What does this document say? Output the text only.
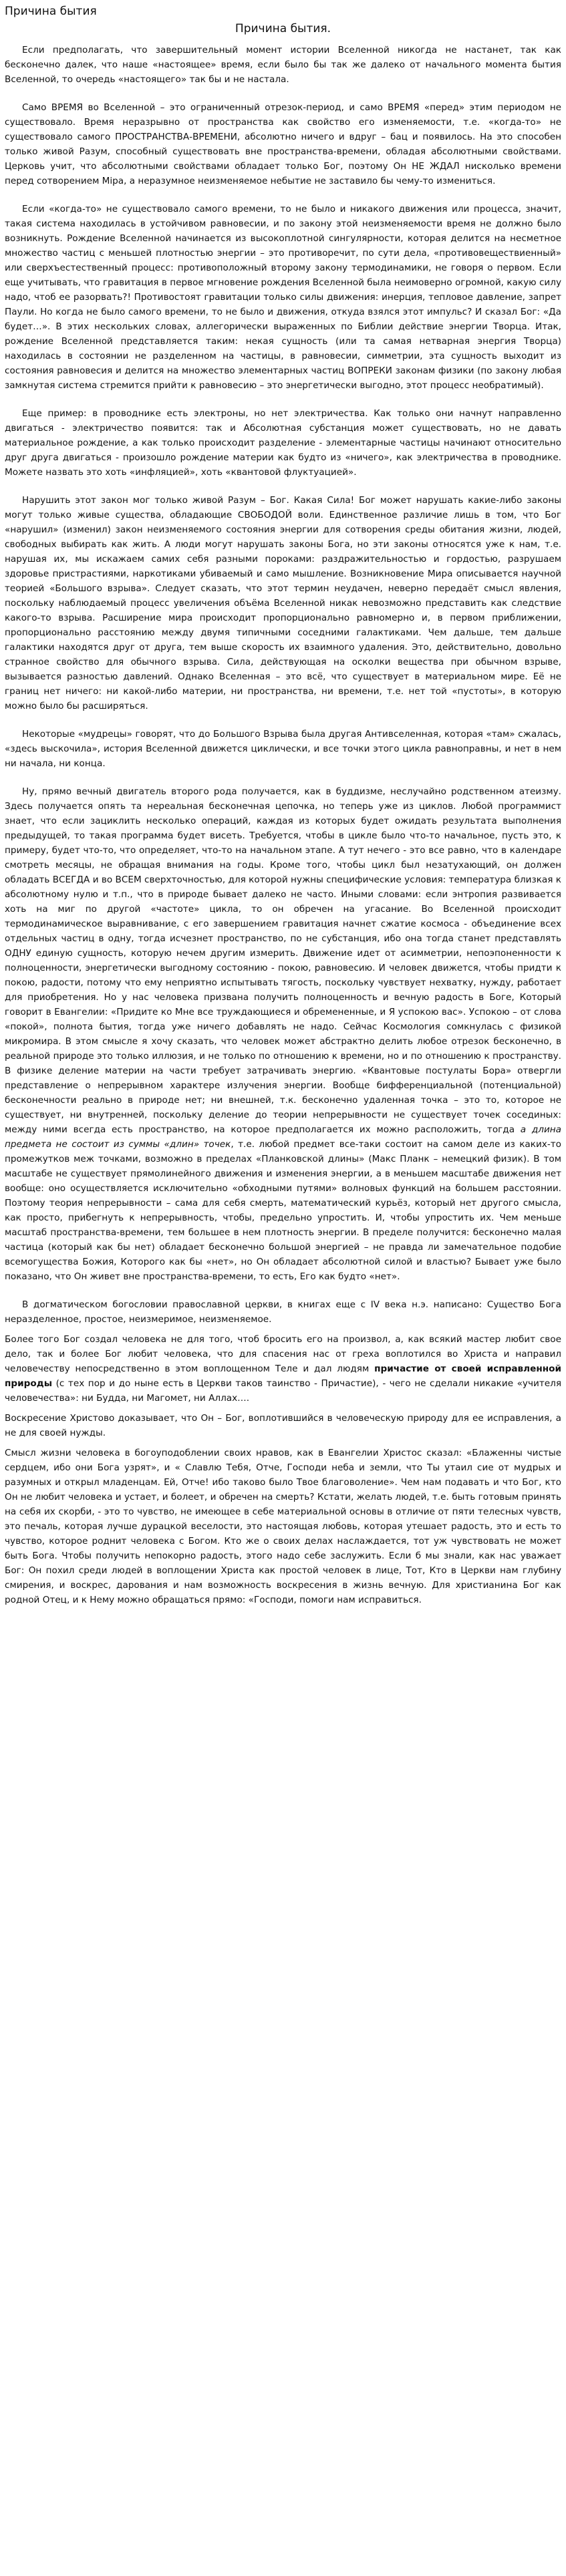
Причина бытия
Причина бытия.

Если предполагать, что завершительный момент истории Вселенной никогда не настанет, так как бесконечно далек, что наше «настоящее» время, если было бы так же далеко от начального момента бытия Вселенной, то очередь «настоящего» так бы и не настала.

Само ВРЕМЯ во Вселенной – это ограниченный отрезок-период, и само ВРЕМЯ «перед» этим периодом не существовало. Время неразрывно от пространства как свойство его изменяемости, т.е. «когда-то» не существовало самого ПРОСТРАНСТВА-ВРЕМЕНИ, абсолютно ничего и вдруг – бац и появилось. На это способен только живой Разум, способный существовать вне пространства-времени, обладая абсолютными свойствами. Церковь учит, что абсолютными свойствами обладает только Бог, поэтому Он НЕ ЖДАЛ нисколько времени перед сотворением Міра, а неразумное неизменяемое небытие не заставило бы чему-то измениться.

Если «когда-то» не существовало самого времени, то не было и никакого движения или процесса, значит, такая система находилась в устойчивом равновесии, и по закону этой неизменяемости время не должно было возникнуть. Рождение Вселенной начинается из высокоплотной сингулярности, которая делится на несметное множество частиц с меньшей плотностью энергии – это противоречит, по сути дела, «противовеществиенный» или сверхъестественный процесс: противоположный второму закону термодинамики, не говоря о первом. Если еще учитывать, что гравитация в первое мгновение рождения Вселенной была неимоверно огромной, какую силу надо, чтоб ее разорвать?! Противостоят гравитации только силы движения: инерция, тепловое давление, запрет Паули. Но когда не было самого времени, то не было и движения, откуда взялся этот импульс? И сказал Бог: «Да будет…». В этих нескольких словах, аллегорически выраженных по Библии действие энергии Творца. Итак, рождение Вселенной представляется таким: некая сущность (или та самая нетварная энергия Творца) находилась в состоянии не разделенном на частицы, в равновесии, симметрии, эта сущность выходит из состояния равновесия и делится на множество элементарных частиц ВОПРЕКИ законам физики (по закону любая замкнутая система стремится прийти к равновесию – это энергетически выгодно, этот процесс необратимый).

Еще пример: в проводнике есть электроны, но нет электричества. Как только они начнут направленно двигаться - электричество появится: так и Абсолютная субстанция может существовать, но не давать материальное рождение, а как только происходит разделение - элементарные частицы начинают относительно друг друга двигаться - произошло рождение материи как будто из «ничего», как электричества в проводнике. Можете назвать это хоть «инфляцией», хоть «квантовой флуктуацией».

Нарушить этот закон мог только живой Разум – Бог. Какая Сила! Бог может нарушать какие-либо законы могут только живые существа, обладающие СВОБОДОЙ воли. Единственное различие лишь в том, что Бог «нарушил» (изменил) закон неизменяемого состояния энергии для сотворения среды обитания жизни, людей, свободных выбирать как жить. А люди могут нарушать законы Бога, но эти законы относятся уже к нам, т.е. нарушая их, мы искажаем самих себя разными пороками: раздражительностью и гордостью, разрушаем здоровье пристрастиями, наркотиками убиваемый и само мышление. Возникновение Мира описывается научной теорией «Большого взрыва». Следует сказать, что этот термин неудачен, неверно передаёт смысл явления, поскольку наблюдаемый процесс увеличения объёма Вселенной никак невозможно представить как следствие какого-то взрыва. Расширение мира происходит пропорционально равномерно и, в первом приближении, пропорционально расстоянию между двумя типичными соседними галактиками. Чем дальше, тем дальше галактики находятся друг от друга, тем выше скорость их взаимного удаления. Это, действительно, довольно странное свойство для обычного взрыва. Сила, действующая на осколки вещества при обычном взрыве, вызывается разностью давлений. Однако Вселенная – это всё, что существует в материальном мире. Её не границ нет ничего: ни какой-либо материи, ни пространства, ни времени, т.е. нет той «пустоты», в которую можно было бы расширяться.

Некоторые «мудрецы» говорят, что до Большого Взрыва была другая Антивселенная, которая «там» сжалась, «здесь выскочила», история Вселенной движется циклически, и все точки этого цикла равноправны, и нет в нем ни начала, ни конца.

Ну, прямо вечный двигатель второго рода получается, как в буддизме, неслучайно родственном атеизму. Здесь получается опять та нереальная бесконечная цепочка, но теперь уже из циклов. Любой программист знает, что если зациклить несколько операций, каждая из которых будет ожидать результата выполнения предыдущей, то такая программа будет висеть. Требуется, чтобы в цикле было что-то начальное, пусть это, к примеру, будет что-то, что определяет, что-то на начальном этапе. А тут нечего - это все равно, что в календаре смотреть месяцы, не обращая внимания на годы. Кроме того, чтобы цикл был незатухающий, он должен обладать ВСЕГДА и во ВСЕМ сверхточностью, для которой нужны специфические условия: температура близкая к абсолютному нулю и т.п., что в природе бывает далеко не часто. Иными словами: если энтропия развивается хоть на миг по другой «частоте» цикла, то он обречен на угасание. Во Вселенной происходит термодинамическое выравнивание, с его завершением гравитация начнет сжатие космоса - объединение всех отдельных частиц в одну, тогда исчезнет пространство, по не субстанция, ибо она тогда станет представлять ОДНУ единую сущность, которую нечем другим измерить. Движение идет от асимметрии, непоэпоненности к полноценности, энергетически выгодному состоянию - покою, равновесию. И человек движется, чтобы придти к покою, радости, потому что ему неприятно испытывать тягость, поскольку чувствует нехватку, нужду, работает для приобретения. Но у нас человека призвана получить полноценность и вечную радость в Боге, Который говорит в Евангелии: «Придите ко Мне все труждающиеся и обремененные, и Я успокою вас». Успокою – от слова «покой», полнота бытия, тогда уже ничего добавлять не надо. Сейчас Космология сомкнулась с физикой микромира. В этом смысле я хочу сказать, что человек может абстрактно делить любое отрезок бесконечно, в реальной природе это только иллюзия, и не только по отношению к времени, но и по отношению к пространству. В физике деление материи на части требует затрачивать энергию. «Квантовые постулаты Бора» отвергли представление о непрерывном характере излучения энергии. Вообще бифференциальной (потенциальной) бесконечности реально в природе нет; ни внешней, т.к. бесконечно удаленная точка – это то, которое не существует, ни внутренней, поскольку деление до теории непрерывности не существует точек сосединых: между ними всегда есть пространство, на которое предполагается их можно расположить, тогда а длина предмета не состоит из суммы «длин» точек, т.е. любой предмет все-таки состоит на самом деле из каких-то промежутков меж точками, возможно в пределах «Планковской длины» (Макс Планк – немецкий физик). В том масштабе не существует прямолинейного движения и изменения энергии, а в меньшем масштабе движения нет вообще: оно осуществляется исключительно «обходными путями» волновых функций на большем расстоянии. Поэтому теория непрерывности – сама для себя смерть, математический курьёз, который нет другого смысла, как просто, прибегнуть к непрерывность, чтобы, предельно упростить. И, чтобы упростить их. Чем меньше масштаб пространства-времени, тем большее в нем плотность энергии. В пределе получится: бесконечно малая частица (который как бы нет) обладает бесконечно большой энергией – не правда ли замечательное подобие всемогущества Божия, Которого как бы «нет», но Он обладает абсолютной силой и властью? Бывает уже было показано, что Он живет вне пространства-времени, то есть, Его как будто «нет».

В догматическом богословии православной церкви, в книгах еще с IV века н.э. написано: Существо Бога неразделенное, простое, неизмеримое, неизменяемое.

Более того Бог создал человека не для того, чтоб бросить его на произвол, а, как всякий мастер любит свое дело, так и более Бог любит человека, что для спасения нас от греха воплотился во Христа и направил человечеству непосредственно в этом воплощенном Теле и дал людям причастие от своей исправленной природы (с тех пор и до ныне есть в Церкви таков таинство - Причастие), - чего не сделали никакие «учителя человечества»: ни Будда, ни Магомет, ни Аллах….

Воскресение Христово доказывает, что Он – Бог, воплотившийся в человеческую природу для ее исправления, а не для своей нужды.

Смысл жизни человека в богоуподоблении своих нравов, как в Евангелии Христос сказал: «Блаженны чистые сердцем, ибо они Бога узрят», и « Славлю Тебя, Отче, Господи неба и земли, что Ты утаил сие от мудрых и разумных и открыл младенцам. Ей, Отче! ибо таково было Твое благоволение». Чем нам подавать и что Бог, кто Он не любит человека и устает, и болеет, и обречен на смерть? Кстати, желать людей, т.е. быть готовым принять на себя их скорби, - это то чувство, не имеющее в себе материальной основы в отличие от пяти телесных чувств, это печаль, которая лучше дурацкой веселости, это настоящая любовь, которая утешает радость, это и есть то чувство, которое роднит человека с Богом. Кто же о своих делах наслаждается, тот уж чувствовать не может быть Бога. Чтобы получить непокорно радость, этого надо себе заслужить. Если б мы знали, как нас уважает Бог: Он похил среди людей в воплощении Христа как простой человек в лице, Тот, Кто в Церкви нам глубину смирения, и воскрес, дарования и нам возможность воскресения в жизнь вечную. Для христианина Бог как родной Отец, и к Нему можно обращаться прямо: «Господи, помоги нам исправиться.
